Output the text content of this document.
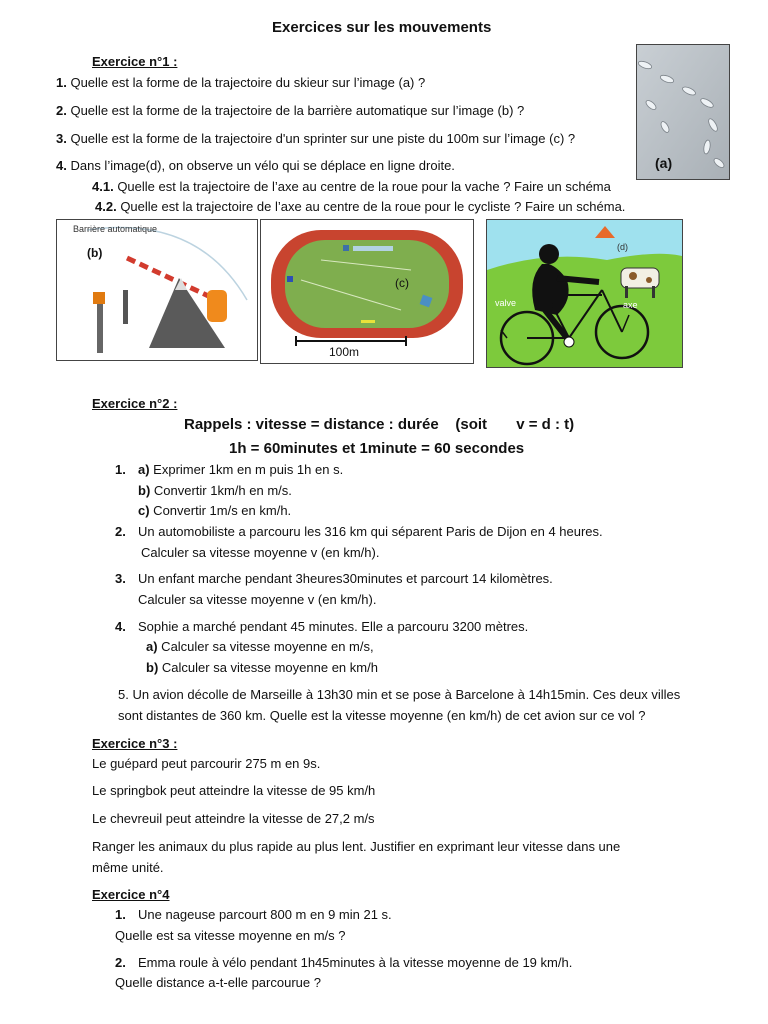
Exercices sur les mouvements
Exercice n°1 :
1. Quelle est la forme de la trajectoire du skieur sur l’image (a) ?
2. Quelle est la forme de la trajectoire de la barrière automatique sur l’image (b) ?
3. Quelle est la forme de la trajectoire d'un sprinter sur une piste du 100m sur l’image (c) ?
4. Dans l’image(d), on observe un vélo qui se déplace en ligne droite.
4.1. Quelle est la trajectoire de l’axe au centre de la roue pour la vache ? Faire un schéma
4.2. Quelle est la trajectoire de l’axe au centre de la roue pour le cycliste ? Faire un schéma.
(a)
Barrière automatique
(b)
(c)
100m
(d)
valve	axe
Exercice n°2 :
Rappels : vitesse = distance : durée    (soit       v = d : t)
1h = 60minutes et 1minute = 60 secondes
1. a) Exprimer 1km en m puis 1h en s.
b) Convertir 1km/h en m/s.
c) Convertir 1m/s en km/h.
2. Un automobiliste a parcouru les 316 km qui séparent Paris de Dijon en 4 heures.
Calculer sa vitesse moyenne v (en km/h).
3. Un enfant marche pendant 3heures30minutes et parcourt 14 kilomètres.
Calculer sa vitesse moyenne v (en km/h).
4. Sophie a marché pendant 45 minutes. Elle a parcouru 3200 mètres.
a) Calculer sa vitesse moyenne en m/s,
b) Calculer sa vitesse moyenne en km/h
5. Un avion décolle de Marseille à 13h30 min et se pose à Barcelone à 14h15min. Ces deux villes
sont distantes de 360 km. Quelle est la vitesse moyenne (en km/h) de cet avion sur ce vol ?
Exercice n°3 :
Le guépard peut parcourir 275 m en 9s.
Le springbok peut atteindre la vitesse de 95 km/h
Le chevreuil peut atteindre la vitesse de 27,2 m/s
Ranger les animaux du plus rapide au plus lent. Justifier en exprimant leur vitesse dans une
même unité.
Exercice n°4
1. Une nageuse parcourt 800 m en 9 min 21 s.
Quelle est sa vitesse moyenne en m/s ?
2. Emma roule à vélo pendant 1h45minutes à la vitesse moyenne de 19 km/h.
Quelle distance a-t-elle parcourue ?
